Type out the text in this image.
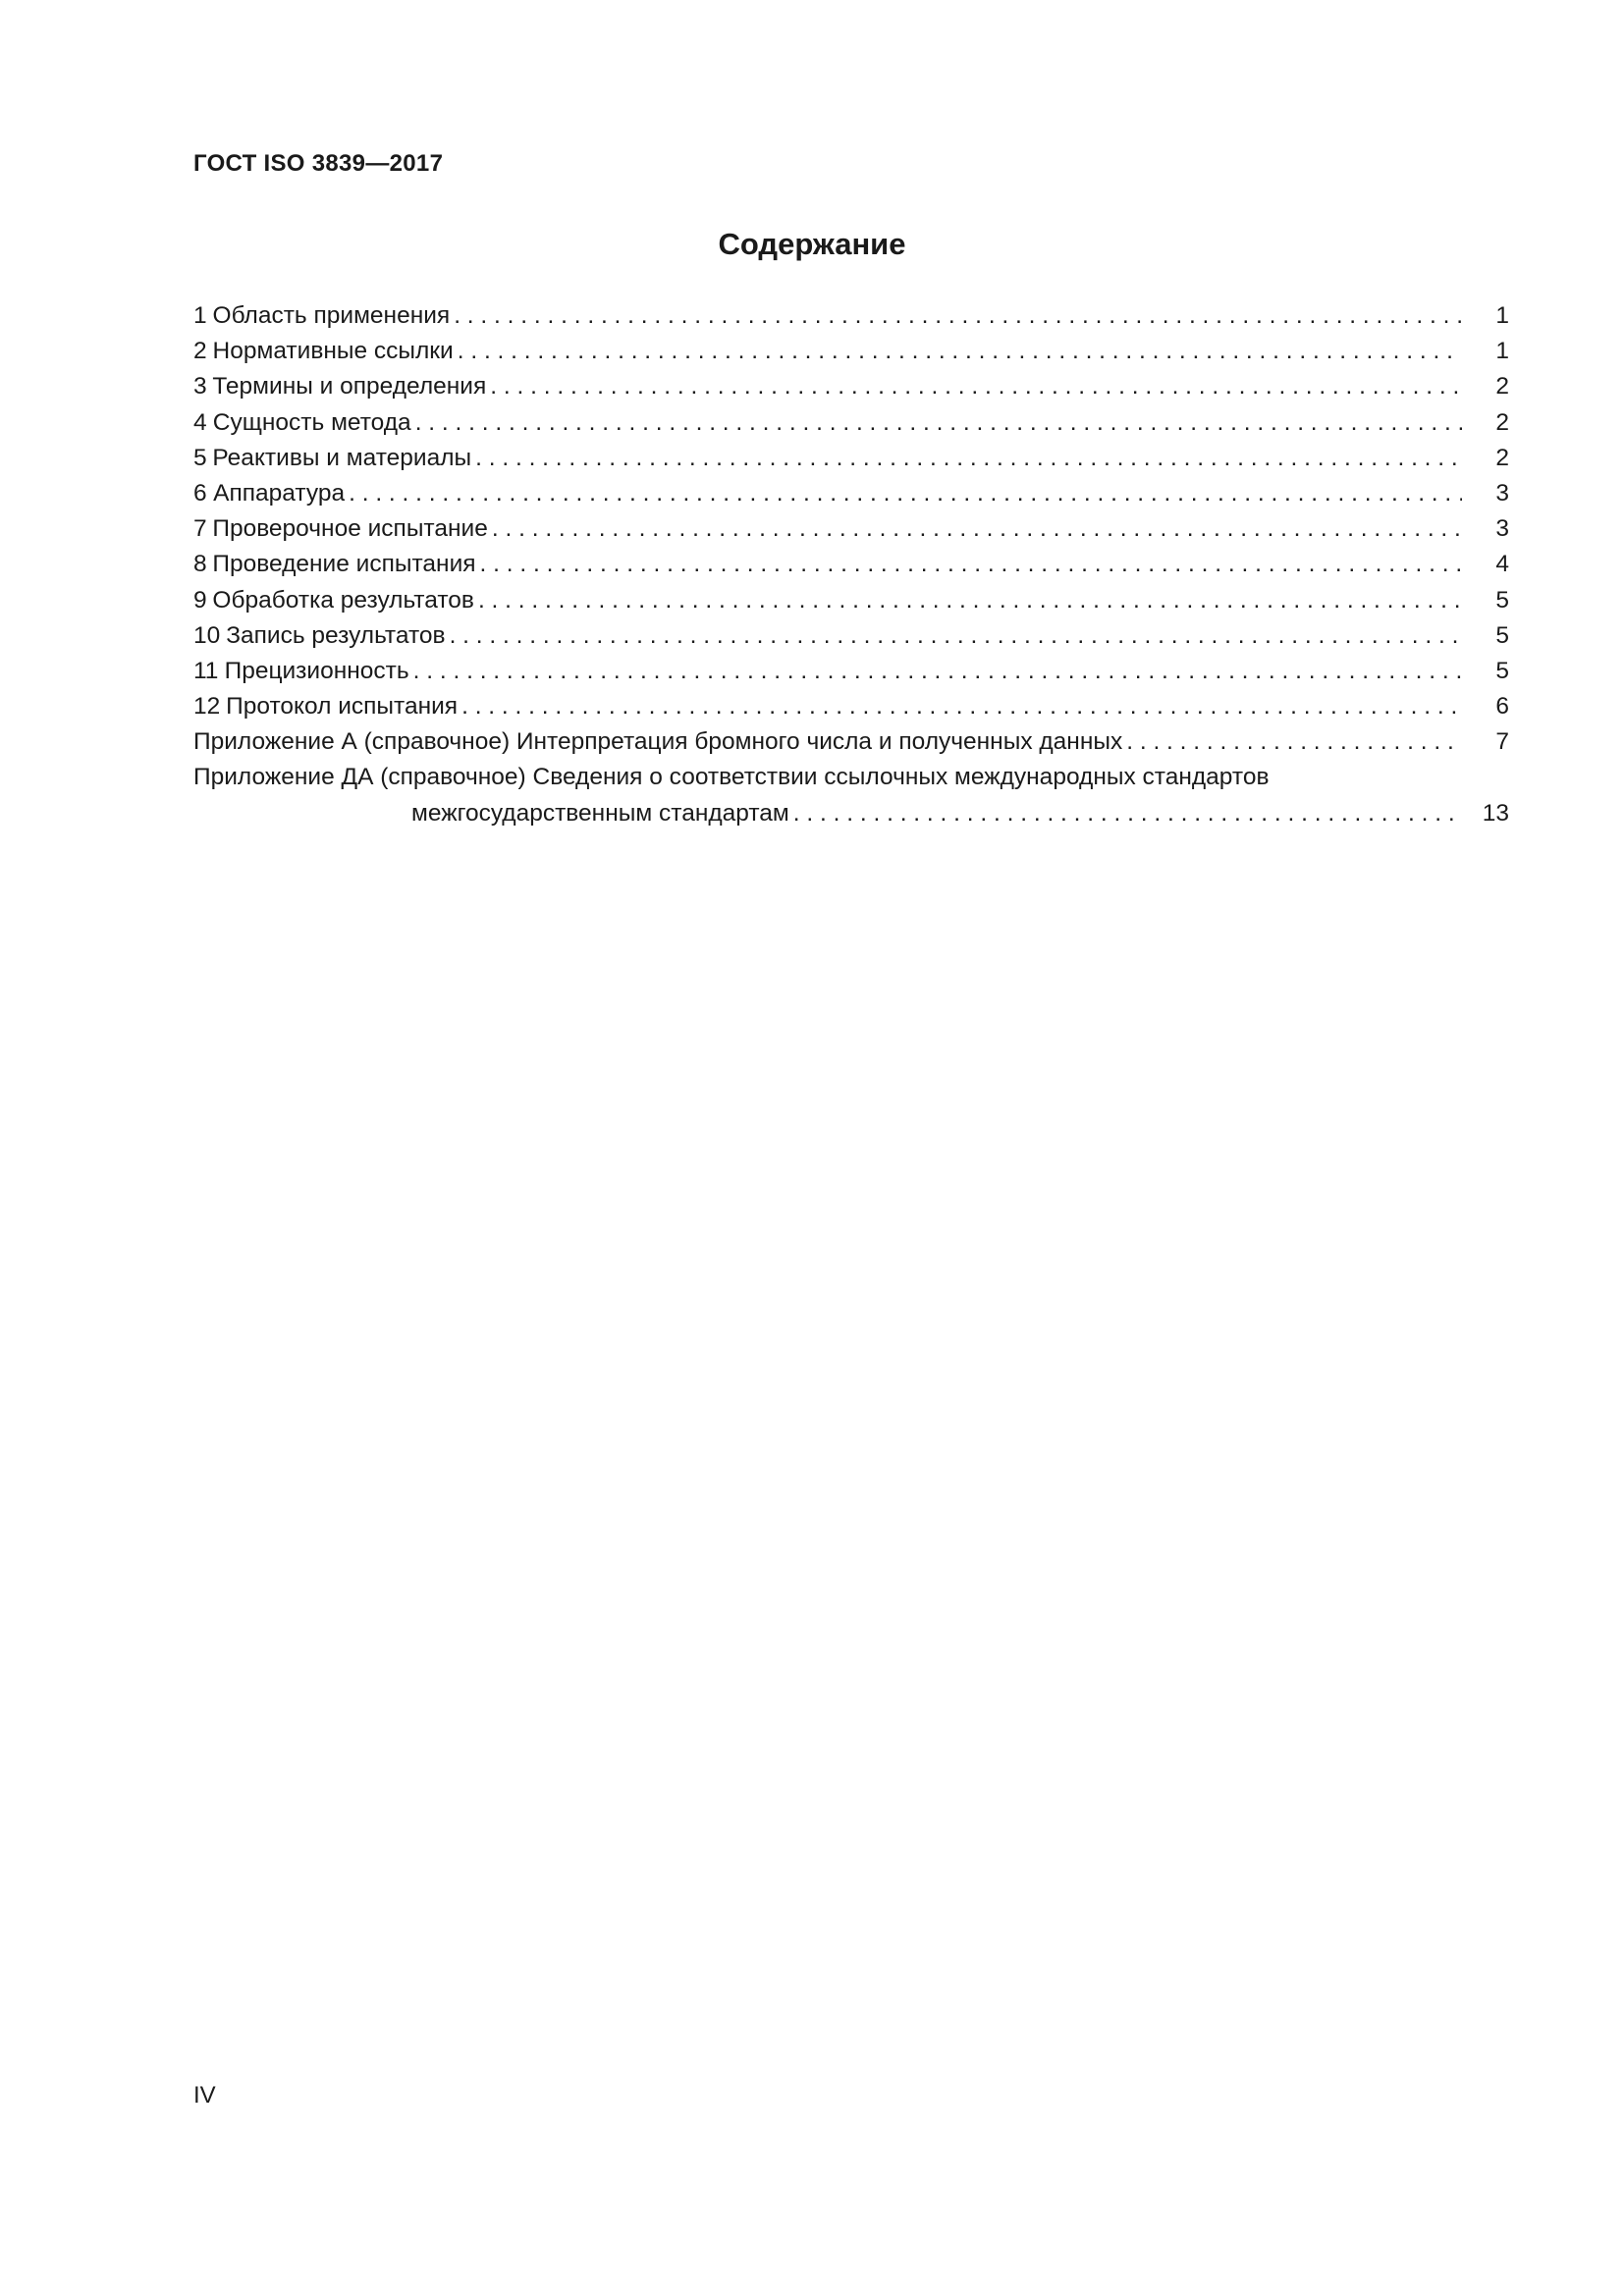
ГОСТ ISO 3839—2017
Содержание
1 Область применения . . .	1
2 Нормативные ссылки . . .	1
3 Термины и определения . . .	2
4 Сущность метода . . .	2
5 Реактивы и материалы . . .	2
6 Аппаратура . . .	3
7 Проверочное испытание . . .	3
8 Проведение испытания . . .	4
9 Обработка результатов . . .	5
10 Запись результатов . . .	5
11 Прецизионность . . .	5
12 Протокол испытания . . .	6
Приложение А (справочное) Интерпретация бромного числа и полученных данных . . .	7
Приложение ДА (справочное) Сведения о соответствии ссылочных международных стандартов
межгосударственным стандартам . . .	13
IV
